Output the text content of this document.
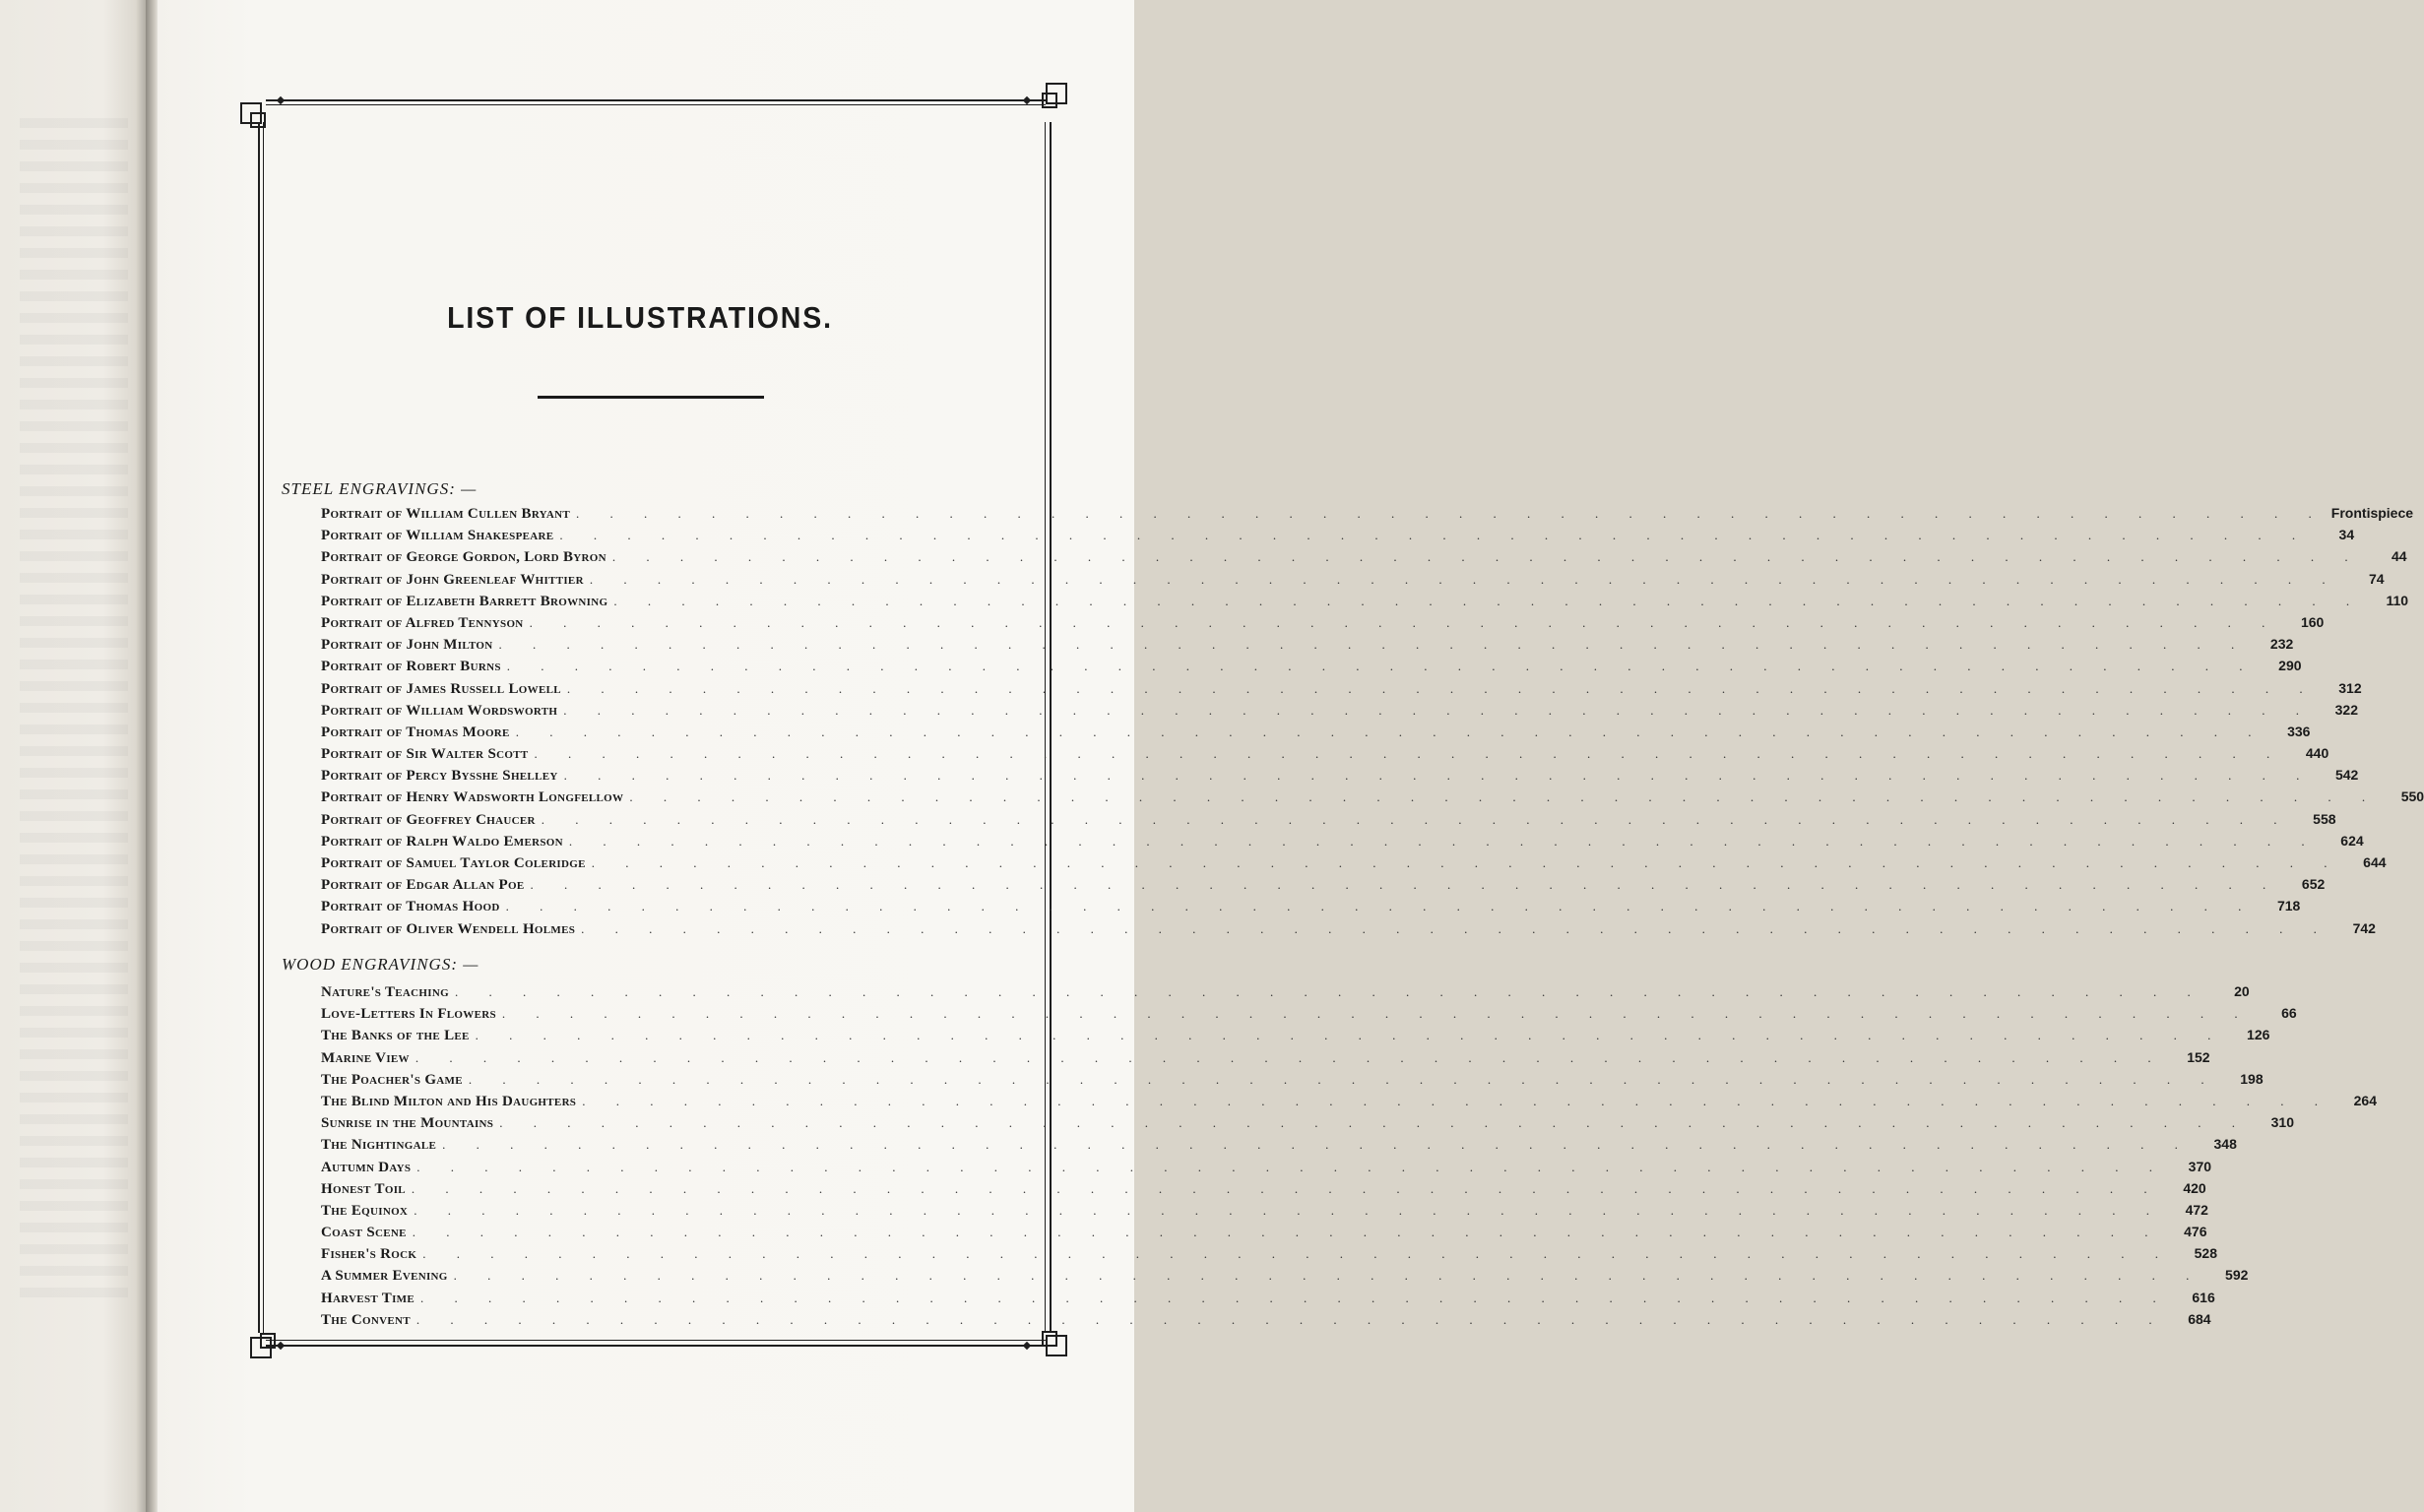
LIST OF ILLUSTRATIONS.
STEEL ENGRAVINGS: —
WOOD ENGRAVINGS: —
Portrait of William Cullen Bryant . . . . . . . . . . . . . . . . . . . . . . . . . . . . . . . . . . . . . . . . . . . . . . . . . . . . Frontispiece
Portrait of William Shakespeare . . . . . . . . . . . . . . . . . . . . . . . . . . . . . . . . . . . . . . . . . . . . . . . . . . . .	34
Portrait of George Gordon, Lord Byron . . . . . . . . . . . . . . . . . . . . . . . . . . . . . . . . . . . . . . . . . . . . . . . . . . . .	44
Portrait of John Greenleaf Whittier . . . . . . . . . . . . . . . . . . . . . . . . . . . . . . . . . . . . . . . . . . . . . . . . . . . .	74
Portrait of Elizabeth Barrett Browning . . . . . . . . . . . . . . . . . . . . . . . . . . . . . . . . . . . . . . . . . . . . . . . . . . . .	110
Portrait of Alfred Tennyson . . . . . . . . . . . . . . . . . . . . . . . . . . . . . . . . . . . . . . . . . . . . . . . . . . . .	160
Portrait of John Milton . . . . . . . . . . . . . . . . . . . . . . . . . . . . . . . . . . . . . . . . . . . . . . . . . . . .	232
Portrait of Robert Burns . . . . . . . . . . . . . . . . . . . . . . . . . . . . . . . . . . . . . . . . . . . . . . . . . . . .	290
Portrait of James Russell Lowell . . . . . . . . . . . . . . . . . . . . . . . . . . . . . . . . . . . . . . . . . . . . . . . . . . . .	312
Portrait of William Wordsworth . . . . . . . . . . . . . . . . . . . . . . . . . . . . . . . . . . . . . . . . . . . . . . . . . . . .	322
Portrait of Thomas Moore . . . . . . . . . . . . . . . . . . . . . . . . . . . . . . . . . . . . . . . . . . . . . . . . . . . .	336
Portrait of Sir Walter Scott . . . . . . . . . . . . . . . . . . . . . . . . . . . . . . . . . . . . . . . . . . . . . . . . . . . .	440
Portrait of Percy Bysshe Shelley . . . . . . . . . . . . . . . . . . . . . . . . . . . . . . . . . . . . . . . . . . . . . . . . . . . .	542
Portrait of Henry Wadsworth Longfellow . . . . . . . . . . . . . . . . . . . . . . . . . . . . . . . . . . . . . . . . . . . . . . . . . . . .	550
Portrait of Geoffrey Chaucer . . . . . . . . . . . . . . . . . . . . . . . . . . . . . . . . . . . . . . . . . . . . . . . . . . . .	558
Portrait of Ralph Waldo Emerson . . . . . . . . . . . . . . . . . . . . . . . . . . . . . . . . . . . . . . . . . . . . . . . . . . . .	624
Portrait of Samuel Taylor Coleridge . . . . . . . . . . . . . . . . . . . . . . . . . . . . . . . . . . . . . . . . . . . . . . . . . . . .	644
Portrait of Edgar Allan Poe . . . . . . . . . . . . . . . . . . . . . . . . . . . . . . . . . . . . . . . . . . . . . . . . . . . .	652
Portrait of Thomas Hood . . . . . . . . . . . . . . . . . . . . . . . . . . . . . . . . . . . . . . . . . . . . . . . . . . . .	718
Portrait of Oliver Wendell Holmes . . . . . . . . . . . . . . . . . . . . . . . . . . . . . . . . . . . . . . . . . . . . . . . . . . . .	742
Nature's Teaching . . . . . . . . . . . . . . . . . . . . . . . . . . . . . . . . . . . . . . . . . . . . . . . . . . . .	20
Love-Letters In Flowers . . . . . . . . . . . . . . . . . . . . . . . . . . . . . . . . . . . . . . . . . . . . . . . . . . . .	66
The Banks of the Lee . . . . . . . . . . . . . . . . . . . . . . . . . . . . . . . . . . . . . . . . . . . . . . . . . . . .	126
Marine View . . . . . . . . . . . . . . . . . . . . . . . . . . . . . . . . . . . . . . . . . . . . . . . . . . . .	152
The Poacher's Game . . . . . . . . . . . . . . . . . . . . . . . . . . . . . . . . . . . . . . . . . . . . . . . . . . . .	198
The Blind Milton and His Daughters . . . . . . . . . . . . . . . . . . . . . . . . . . . . . . . . . . . . . . . . . . . . . . . . . . . .	264
Sunrise in the Mountains . . . . . . . . . . . . . . . . . . . . . . . . . . . . . . . . . . . . . . . . . . . . . . . . . . . .	310
The Nightingale . . . . . . . . . . . . . . . . . . . . . . . . . . . . . . . . . . . . . . . . . . . . . . . . . . . .	348
Autumn Days . . . . . . . . . . . . . . . . . . . . . . . . . . . . . . . . . . . . . . . . . . . . . . . . . . . .	370
Honest Toil . . . . . . . . . . . . . . . . . . . . . . . . . . . . . . . . . . . . . . . . . . . . . . . . . . . .	420
The Equinox . . . . . . . . . . . . . . . . . . . . . . . . . . . . . . . . . . . . . . . . . . . . . . . . . . . .	472
Coast Scene . . . . . . . . . . . . . . . . . . . . . . . . . . . . . . . . . . . . . . . . . . . . . . . . . . . .	476
Fisher's Rock . . . . . . . . . . . . . . . . . . . . . . . . . . . . . . . . . . . . . . . . . . . . . . . . . . . .	528
A Summer Evening . . . . . . . . . . . . . . . . . . . . . . . . . . . . . . . . . . . . . . . . . . . . . . . . . . . .	592
Harvest Time . . . . . . . . . . . . . . . . . . . . . . . . . . . . . . . . . . . . . . . . . . . . . . . . . . . .	616
The Convent . . . . . . . . . . . . . . . . . . . . . . . . . . . . . . . . . . . . . . . . . . . . . . . . . . . .	684
